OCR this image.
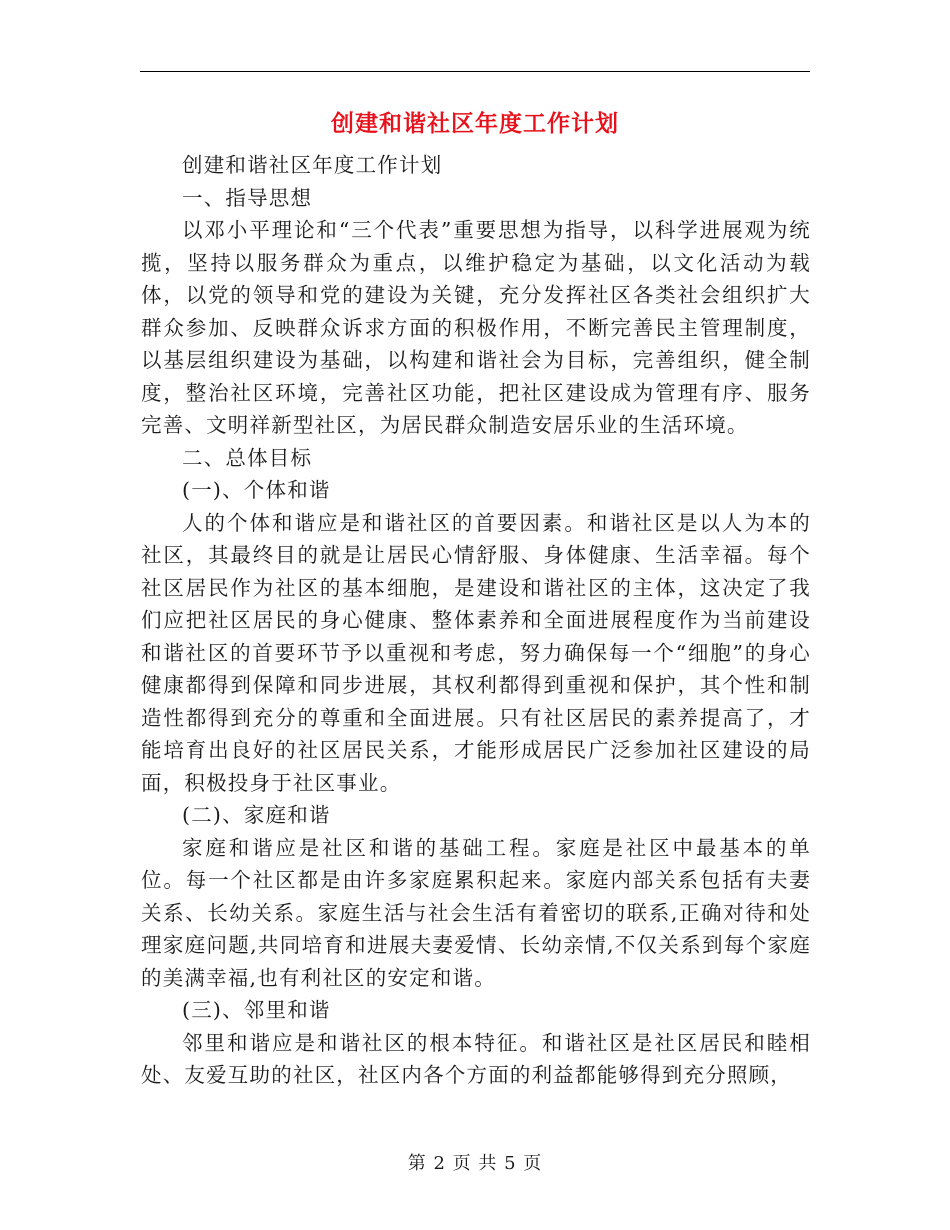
创建和谐社区年度工作计划

创建和谐社区年度工作计划

一、指导思想

以邓小平理论和“三个代表”重要思想为指导，以科学进展观为统揽，坚持以服务群众为重点，以维护稳定为基础，以文化活动为载体，以党的领导和党的建设为关键，充分发挥社区各类社会组织扩大群众参加、反映群众诉求方面的积极作用，不断完善民主管理制度，以基层组织建设为基础，以构建和谐社会为目标，完善组织，健全制度，整治社区环境，完善社区功能，把社区建设成为管理有序、服务完善、文明祥新型社区，为居民群众制造安居乐业的生活环境。

二、总体目标

(一)、个体和谐

人的个体和谐应是和谐社区的首要因素。和谐社区是以人为本的社区，其最终目的就是让居民心情舒服、身体健康、生活幸福。每个社区居民作为社区的基本细胞，是建设和谐社区的主体，这决定了我们应把社区居民的身心健康、整体素养和全面进展程度作为当前建设和谐社区的首要环节予以重视和考虑，努力确保每一个“细胞”的身心健康都得到保障和同步进展，其权利都得到重视和保护，其个性和制造性都得到充分的尊重和全面进展。只有社区居民的素养提高了，才能培育出良好的社区居民关系，才能形成居民广泛参加社区建设的局面，积极投身于社区事业。

(二)、家庭和谐

家庭和谐应是社区和谐的基础工程。家庭是社区中最基本的单位。每一个社区都是由许多家庭累积起来。家庭内部关系包括有夫妻关系、长幼关系。家庭生活与社会生活有着密切的联系,正确对待和处理家庭问题,共同培育和进展夫妻爱情、长幼亲情,不仅关系到每个家庭的美满幸福,也有利社区的安定和谐。

(三)、邻里和谐

邻里和谐应是和谐社区的根本特征。和谐社区是社区居民和睦相处、友爱互助的社区，社区内各个方面的利益都能够得到充分照顾，

第 2 页 共 5 页
